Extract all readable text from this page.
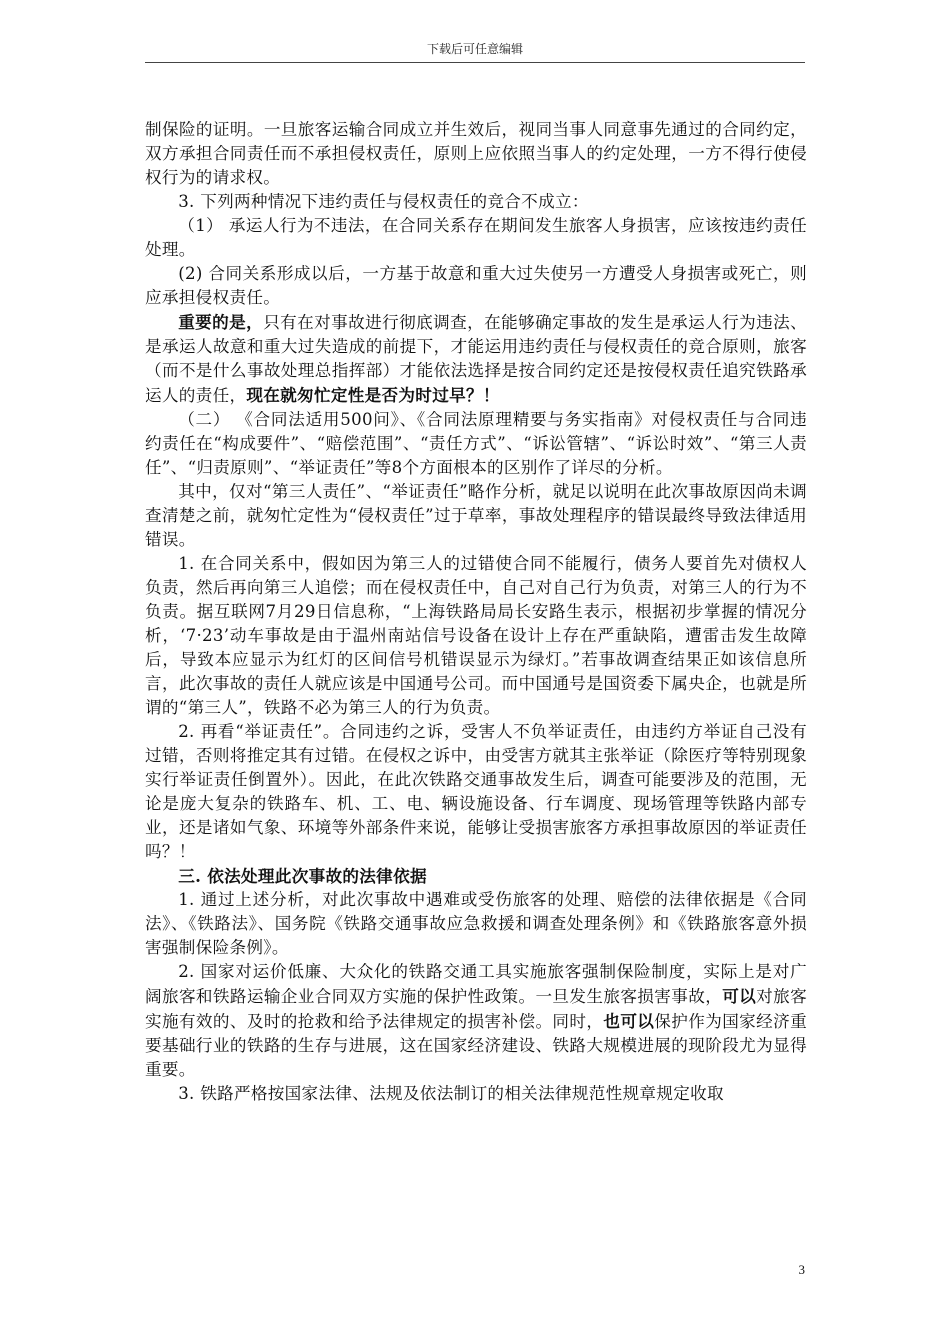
下载后可任意编辑

制保险的证明。一旦旅客运输合同成立并生效后，视同当事人同意事先通过的合同约定，双方承担合同责任而不承担侵权责任，原则上应依照当事人的约定处理，一方不得行使侵权行为的请求权。

3. 下列两种情况下违约责任与侵权责任的竞合不成立：

（1） 承运人行为不违法，在合同关系存在期间发生旅客人身损害，应该按违约责任处理。

(2) 合同关系形成以后，一方基于故意和重大过失使另一方遭受人身损害或死亡，则应承担侵权责任。

重要的是，只有在对事故进行彻底调查，在能够确定事故的发生是承运人行为违法、是承运人故意和重大过失造成的前提下，才能运用违约责任与侵权责任的竞合原则，旅客（而不是什么事故处理总指挥部）才能依法选择是按合同约定还是按侵权责任追究铁路承运人的责任，现在就匆忙定性是否为时过早？！

（二） 《合同法适用500问》、《合同法原理精要与务实指南》对侵权责任与合同违约责任在“构成要件”、“赔偿范围”、“责任方式”、“诉讼管辖”、“诉讼时效”、“第三人责任”、“归责原则”、“举证责任”等8个方面根本的区别作了详尽的分析。

其中，仅对“第三人责任”、“举证责任”略作分析，就足以说明在此次事故原因尚未调查清楚之前，就匆忙定性为“侵权责任”过于草率，事故处理程序的错误最终导致法律适用错误。

1. 在合同关系中，假如因为第三人的过错使合同不能履行，债务人要首先对债权人负责，然后再向第三人追偿；而在侵权责任中，自己对自己行为负责，对第三人的行为不负责。据互联网7月29日信息称，“上海铁路局局长安路生表示，根据初步掌握的情况分析，‘7·23’动车事故是由于温州南站信号设备在设计上存在严重缺陷，遭雷击发生故障后，导致本应显示为红灯的区间信号机错误显示为绿灯。”若事故调查结果正如该信息所言，此次事故的责任人就应该是中国通号公司。而中国通号是国资委下属央企，也就是所谓的“第三人”，铁路不必为第三人的行为负责。

2. 再看“举证责任”。合同违约之诉，受害人不负举证责任，由违约方举证自己没有过错，否则将推定其有过错。在侵权之诉中，由受害方就其主张举证（除医疗等特别现象实行举证责任倒置外）。因此，在此次铁路交通事故发生后，调查可能要涉及的范围，无论是庞大复杂的铁路车、机、工、电、辆设施设备、行车调度、现场管理等铁路内部专业，还是诸如气象、环境等外部条件来说，能够让受损害旅客方承担事故原因的举证责任吗？！

三. 依法处理此次事故的法律依据

1. 通过上述分析，对此次事故中遇难或受伤旅客的处理、赔偿的法律依据是《合同法》、《铁路法》、国务院《铁路交通事故应急救援和调查处理条例》和《铁路旅客意外损害强制保险条例》。

2. 国家对运价低廉、大众化的铁路交通工具实施旅客强制保险制度，实际上是对广阔旅客和铁路运输企业合同双方实施的保护性政策。一旦发生旅客损害事故，可以对旅客实施有效的、及时的抢救和给予法律规定的损害补偿。同时，也可以保护作为国家经济重要基础行业的铁路的生存与进展，这在国家经济建设、铁路大规模进展的现阶段尤为显得重要。

3. 铁路严格按国家法律、法规及依法制订的相关法律规范性规章规定收取

3
